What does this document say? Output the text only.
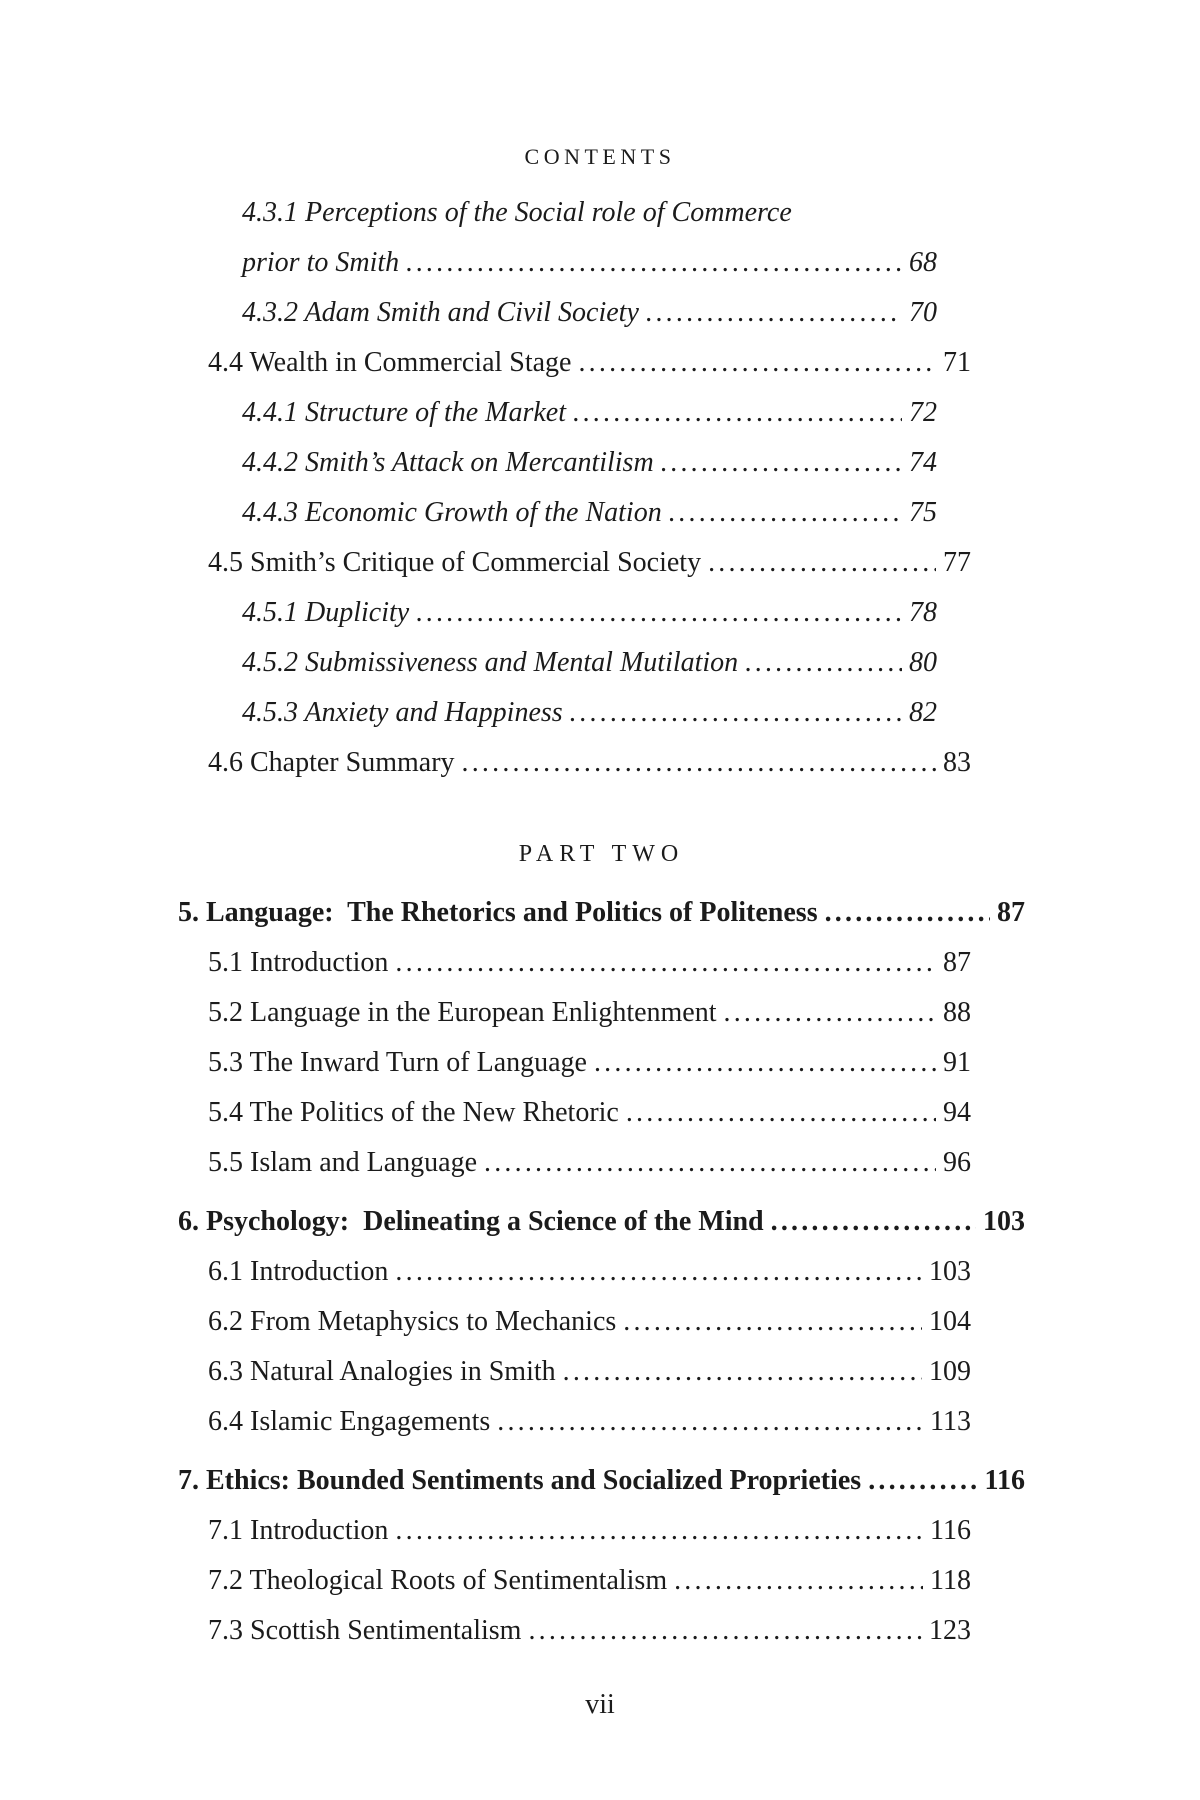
CONTENTS
4.3.1 Perceptions of the Social role of Commerce
prior to Smith .....	68
4.3.2 Adam Smith and Civil Society .....	70
4.4 Wealth in Commercial Stage .....	71
4.4.1 Structure of the Market .....	72
4.4.2 Smith’s Attack on Mercantilism .....	74
4.4.3 Economic Growth of the Nation .....	75
4.5 Smith’s Critique of Commercial Society .....	77
4.5.1 Duplicity .....	78
4.5.2 Submissiveness and Mental Mutilation .....	80
4.5.3 Anxiety and Happiness .....	82
4.6 Chapter Summary .....	83
PART TWO
5. Language:  The Rhetorics and Politics of Politeness .....	87
5.1 Introduction .....	87
5.2 Language in the European Enlightenment .....	88
5.3 The Inward Turn of Language .....	91
5.4 The Politics of the New Rhetoric .....	94
5.5 Islam and Language .....	96
6. Psychology:  Delineating a Science of the Mind .....	103
6.1 Introduction .....	103
6.2 From Metaphysics to Mechanics .....	104
6.3 Natural Analogies in Smith .....	109
6.4 Islamic Engagements .....	113
7. Ethics: Bounded Sentiments and Socialized Proprieties .....	116
7.1 Introduction .....	116
7.2 Theological Roots of Sentimentalism .....	118
7.3 Scottish Sentimentalism .....	123
vii
